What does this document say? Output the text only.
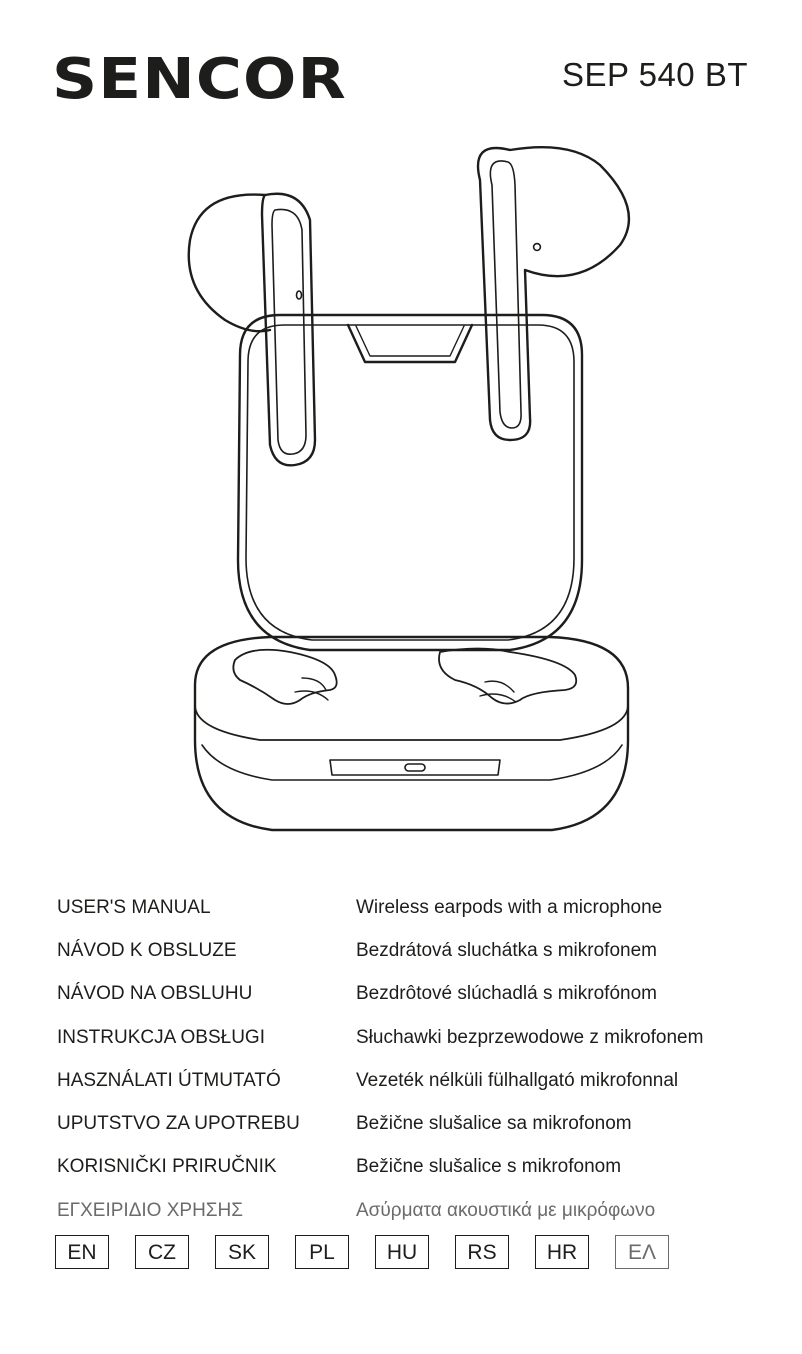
SENCOR	SEP 540 BT
USER'S MANUAL	Wireless earpods with a microphone
NÁVOD K OBSLUZE	Bezdrátová sluchátka s mikrofonem
NÁVOD NA OBSLUHU	Bezdrôtové slúchadlá s mikrofónom
INSTRUKCJA OBSŁUGI	Słuchawki bezprzewodowe z mikrofonem
HASZNÁLATI ÚTMUTATÓ	Vezeték nélküli fülhallgató mikrofonnal
UPUTSTVO ZA UPOTREBU	Bežične slušalice sa mikrofonom
KORISNIČKI PRIRUČNIK	Bežične slušalice s mikrofonom
ΕΓΧΕΙΡΙΔΙΟ ΧΡΗΣΗΣ	Ασύρματα ακουστικά με μικρόφωνο
EN	CZ	SK	PL	HU	RS	HR	ΕΛ
